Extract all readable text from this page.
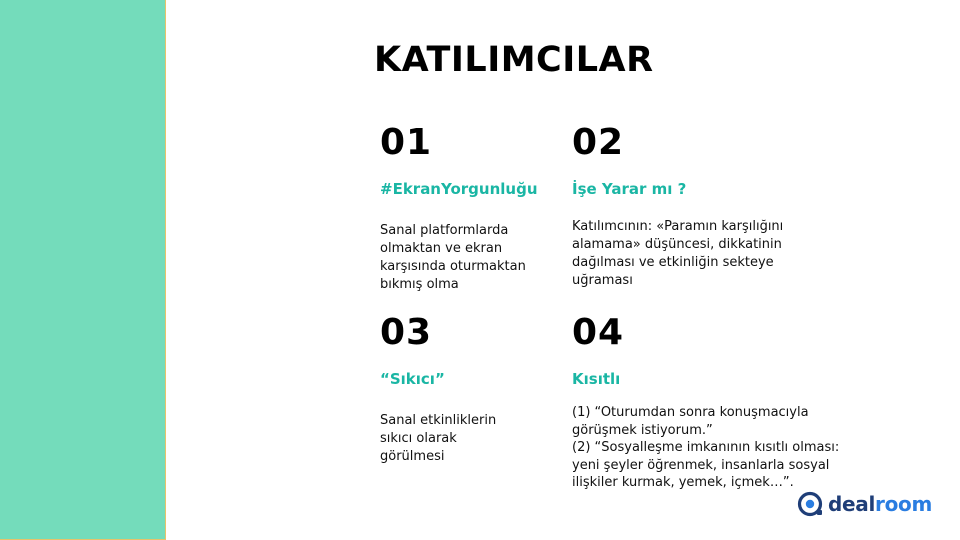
KATILIMCILAR
01
#EkranYorgunluğu
Sanal platformlarda
olmaktan ve ekran
karşısında oturmaktan
bıkmış olma
02
İşe Yarar mı ?
Katılımcının: «Paramın karşılığını
alamama» düşüncesi, dikkatinin
dağılması ve etkinliğin sekteye
uğraması
03
“Sıkıcı”
Sanal etkinliklerin
sıkıcı olarak
görülmesi
04
Kısıtlı
(1) “Oturumdan sonra konuşmacıyla
görüşmek istiyorum.”
(2) “Sosyalleşme imkanının kısıtlı olması:
yeni şeyler öğrenmek, insanlarla sosyal
ilişkiler kurmak, yemek, içmek…”.
dealroom
